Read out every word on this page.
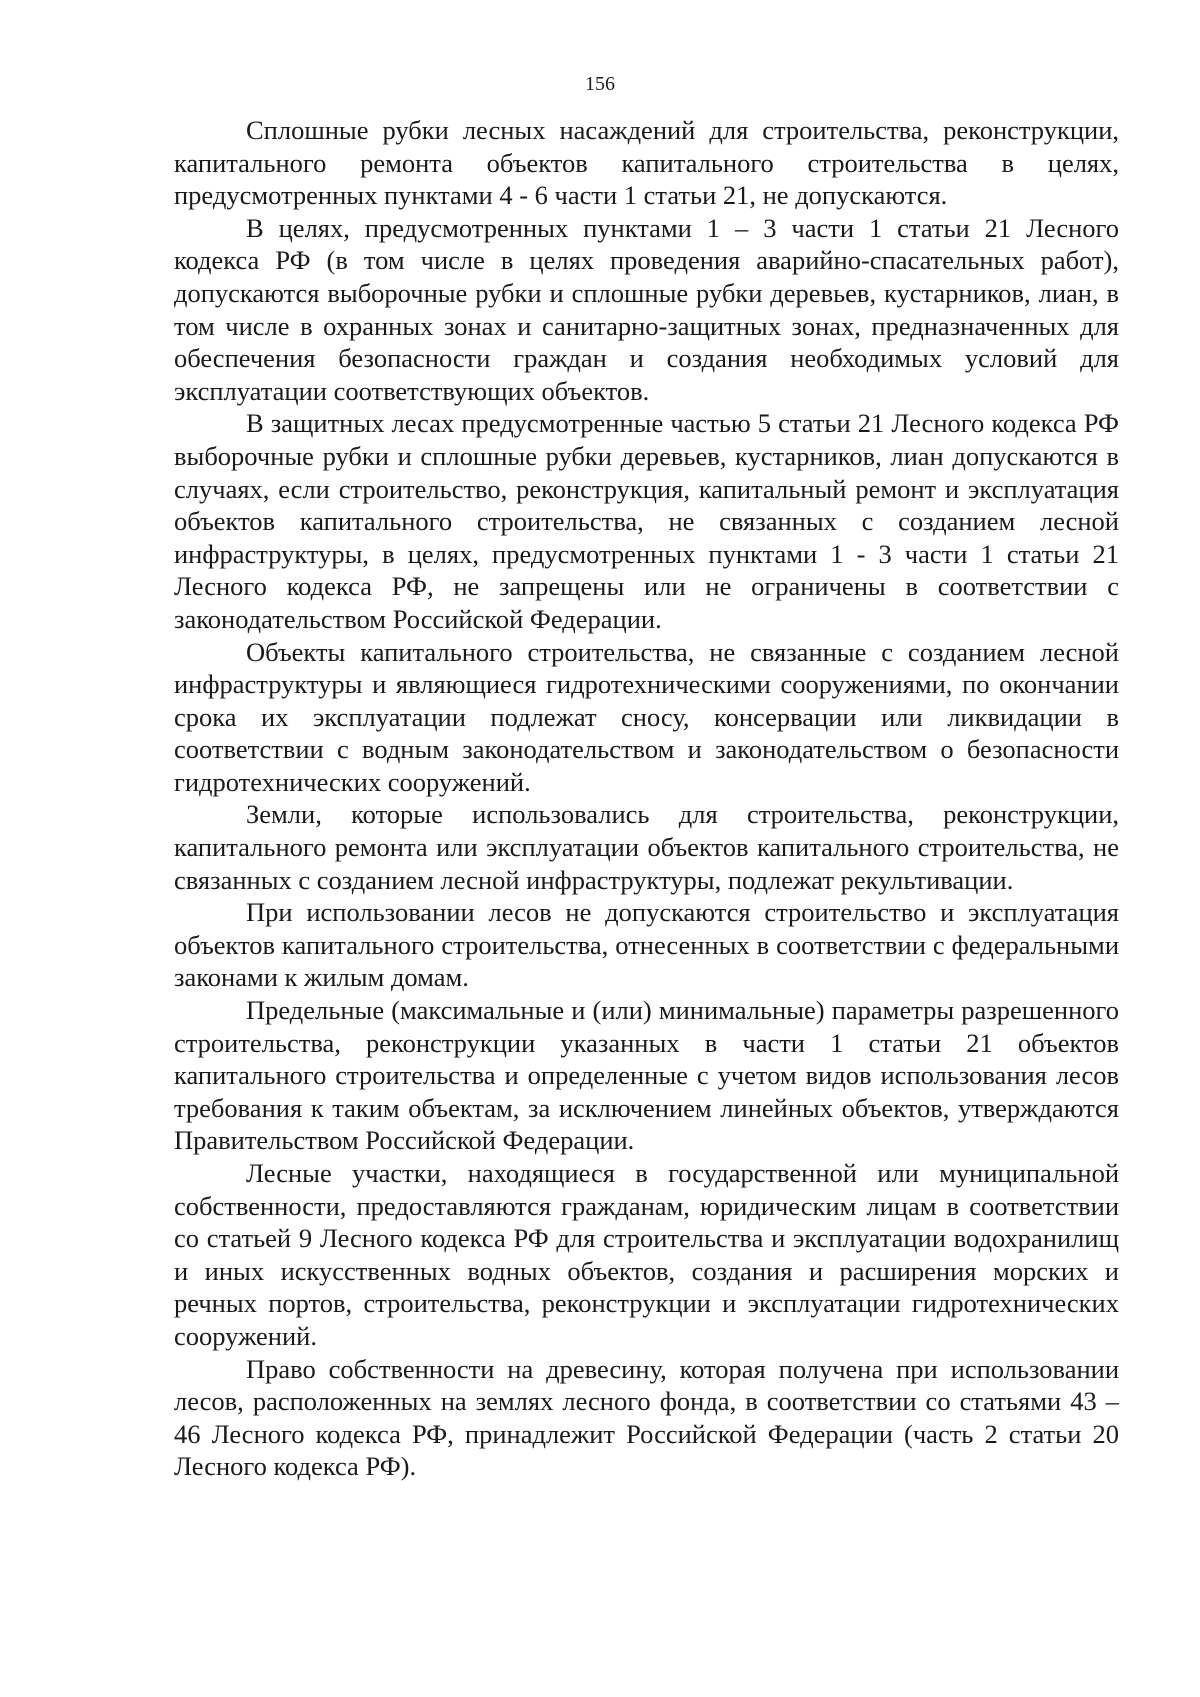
156

Сплошные рубки лесных насаждений для строительства, реконструкции, капитального ремонта объектов капитального строительства в целях, предусмотренных пунктами 4 - 6 части 1 статьи 21, не допускаются.

В целях, предусмотренных пунктами 1 – 3 части 1 статьи 21 Лесного кодекса РФ (в том числе в целях проведения аварийно-спасательных работ), допускаются выборочные рубки и сплошные рубки деревьев, кустарников, лиан, в том числе в охранных зонах и санитарно-защитных зонах, предназначенных для обеспечения безопасности граждан и создания необходимых условий для эксплуатации соответствующих объектов.

В защитных лесах предусмотренные частью 5 статьи 21 Лесного кодекса РФ выборочные рубки и сплошные рубки деревьев, кустарников, лиан допускаются в случаях, если строительство, реконструкция, капитальный ремонт и эксплуатация объектов капитального строительства, не связанных с созданием лесной инфраструктуры, в целях, предусмотренных пунктами 1 - 3 части 1 статьи 21 Лесного кодекса РФ, не запрещены или не ограничены в соответствии с законодательством Российской Федерации.

Объекты капитального строительства, не связанные с созданием лесной инфраструктуры и являющиеся гидротехническими сооружениями, по окончании срока их эксплуатации подлежат сносу, консервации или ликвидации в соответствии с водным законодательством и законодательством о безопасности гидротехнических сооружений.

Земли, которые использовались для строительства, реконструкции, капитального ремонта или эксплуатации объектов капитального строительства, не связанных с созданием лесной инфраструктуры, подлежат рекультивации.

При использовании лесов не допускаются строительство и эксплуатация объектов капитального строительства, отнесенных в соответствии с федеральными законами к жилым домам.

Предельные (максимальные и (или) минимальные) параметры разрешенного строительства, реконструкции указанных в части 1 статьи 21 объектов капитального строительства и определенные с учетом видов использования лесов требования к таким объектам, за исключением линейных объектов, утверждаются Правительством Российской Федерации.

Лесные участки, находящиеся в государственной или муниципальной собственности, предоставляются гражданам, юридическим лицам в соответствии со статьей 9 Лесного кодекса РФ для строительства и эксплуатации водохранилищ и иных искусственных водных объектов, создания и расширения морских и речных портов, строительства, реконструкции и эксплуатации гидротехнических сооружений.

Право собственности на древесину, которая получена при использовании лесов, расположенных на землях лесного фонда, в соответствии со статьями 43 – 46 Лесного кодекса РФ, принадлежит Российской Федерации (часть 2 статьи 20 Лесного кодекса РФ).
